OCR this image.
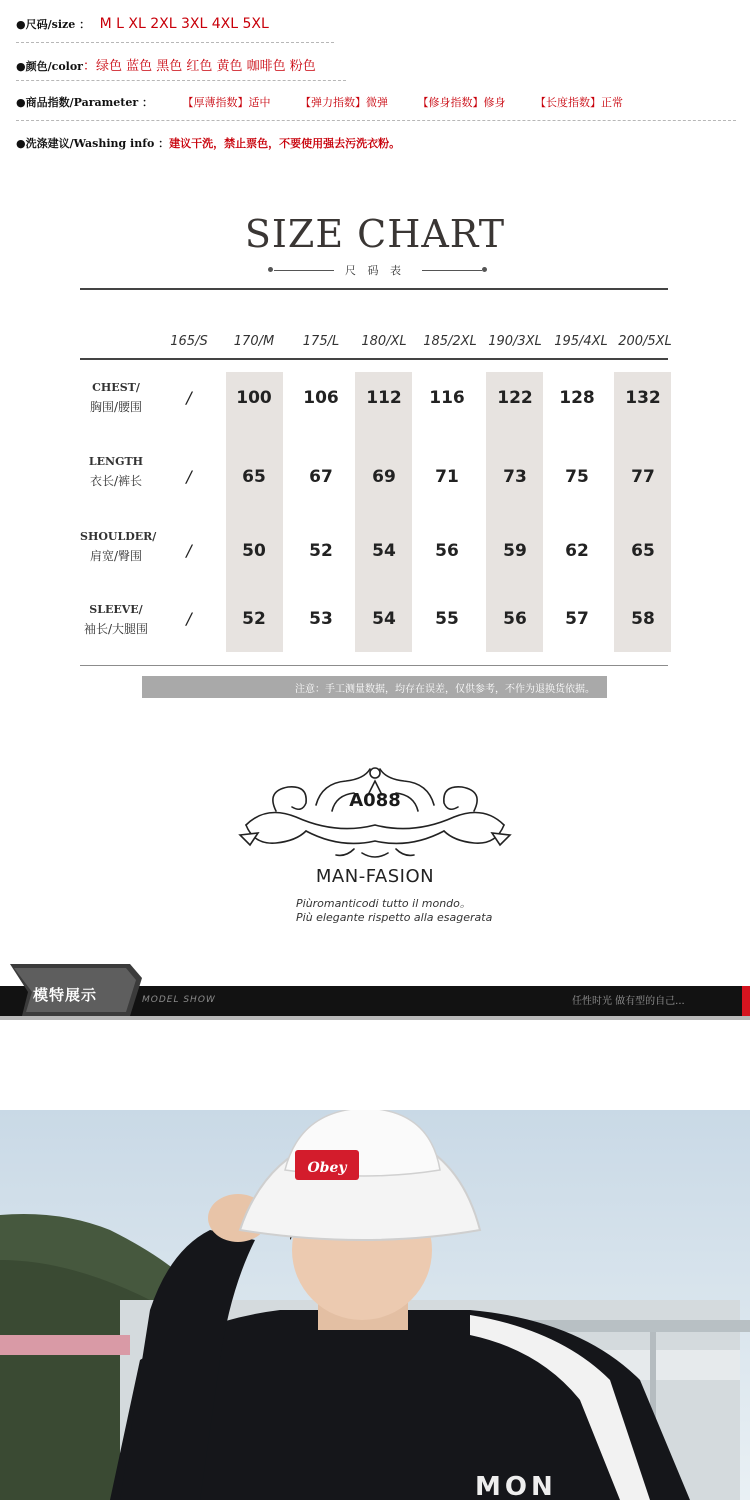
●尺码/size ： M L XL 2XL 3XL 4XL 5XL
●颜色/color：绿色 蓝色 黑色 红色 黄色 咖啡色 粉色
●商品指数/Parameter ：	【厚薄指数】适中	【弹力指数】微弹	【修身指数】修身	【长度指数】正常
●洗涤建议/Washing info ：建议干洗，禁止票色，不要使用强去污洗衣粉。
SIZE CHART
尺 码 表
165/S	170/M	175/L	180/XL	185/2XL 190/3XL 195/4XL 200/5XL
CHEST/
胸围/腰围	/	100	106	112	116	122	128	132
LENGTH
衣长/裤长	/	65	67	69	71	73	75	77
SHOULDER/
肩宽/臀围	/	50	52	54	56	59	62	65
SLEEVE/
袖长/大腿围
/	52	53	54	55	56	57	58
注意：手工测量数据，均存在误差，仅供参考，不作为退换货依据。
A088
MAN-FASION
Piùromanticodi tutto il mondo。
Più elegante rispetto alla esagerata
模特展示	MODEL SHOW	任性时光 做有型的自己...
MON
Obey
